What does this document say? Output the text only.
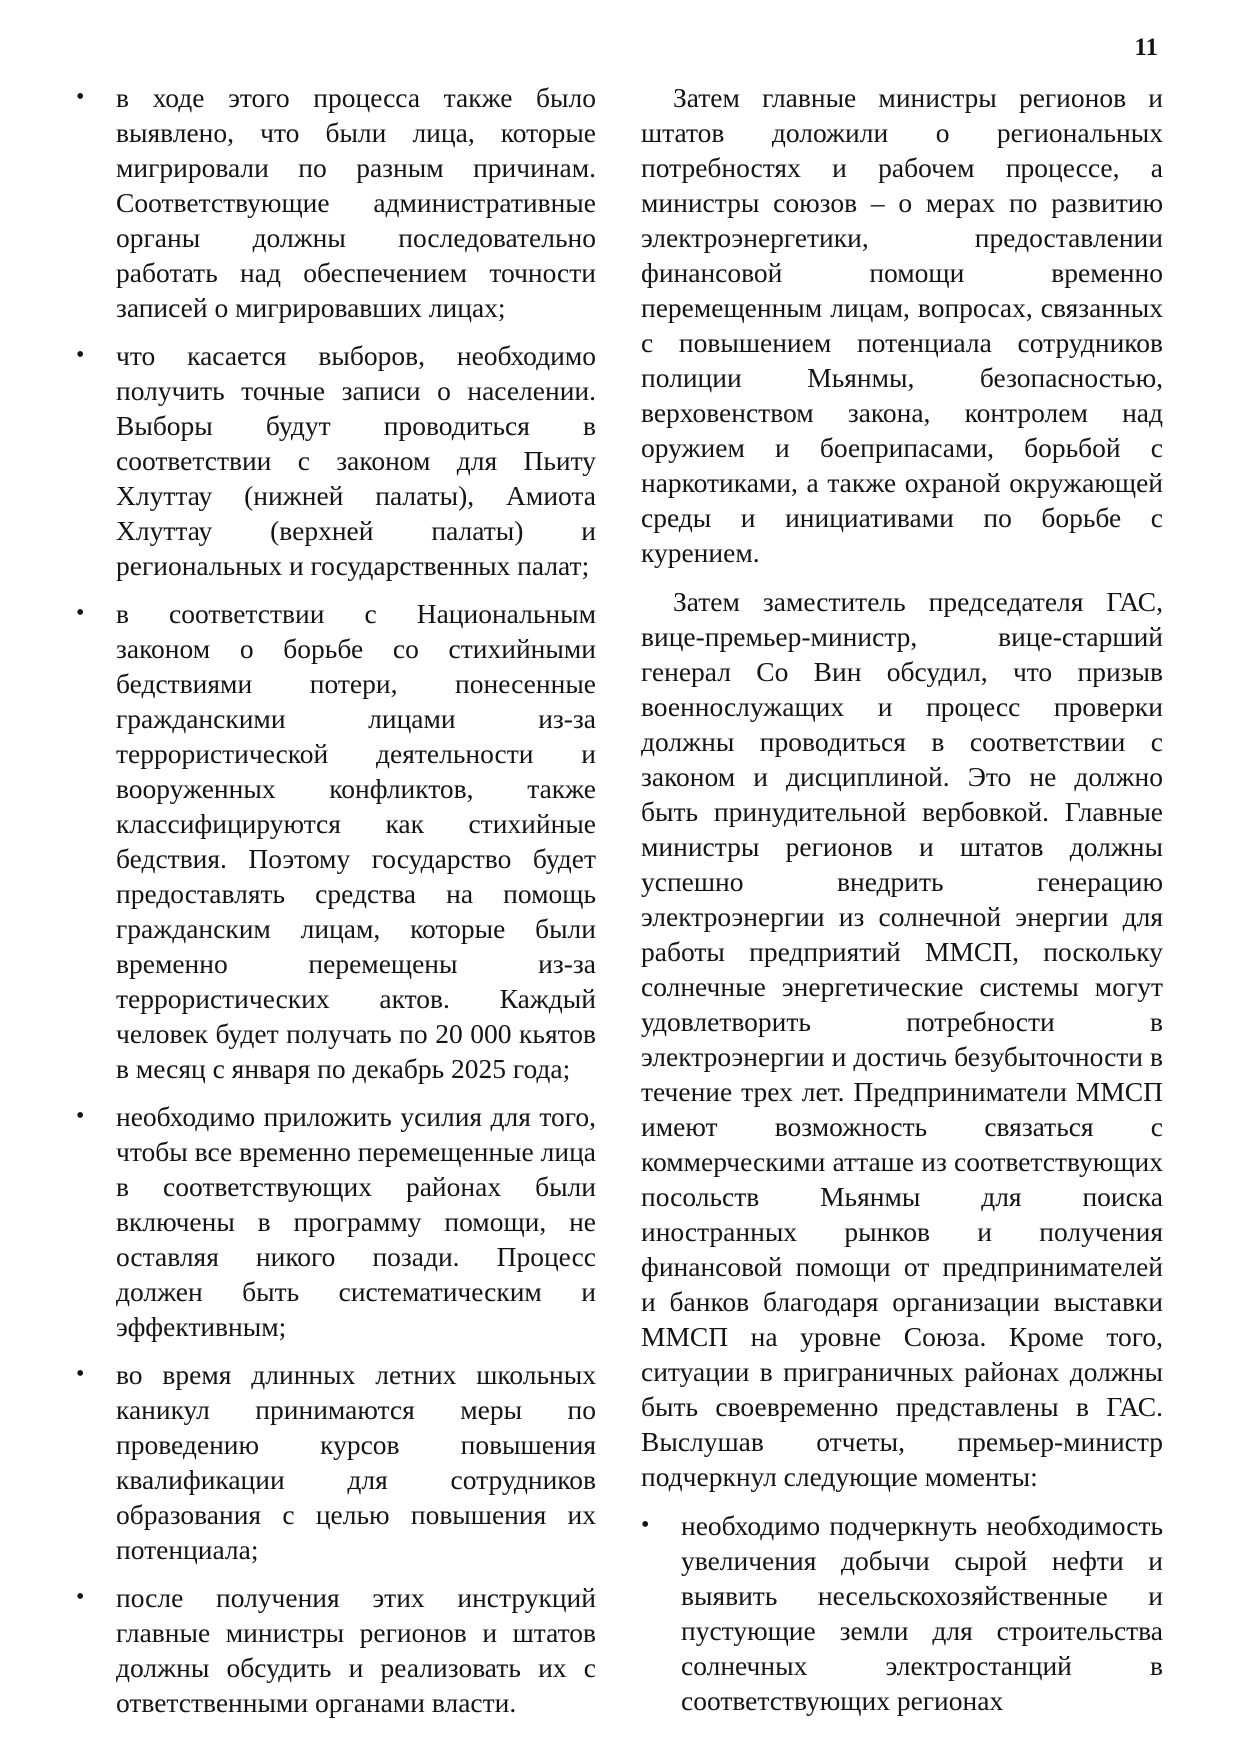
11
• в ходе этого процесса также было выявлено, что были лица, которые мигрировали по разным причинам. Соответствующие административные органы должны последовательно работать над обеспечением точности записей о мигрировавших лицах;
• что касается выборов, необходимо получить точные записи о населении. Выборы будут проводиться в соответствии с законом для Пьиту Хлуттау (нижней палаты), Амиота Хлуттау (верхней палаты) и региональных и государственных палат;
• в соответствии с Национальным законом о борьбе со стихийными бедствиями потери, понесенные гражданскими лицами из-за террористической деятельности и вооруженных конфликтов, также классифицируются как стихийные бедствия. Поэтому государство будет предоставлять средства на помощь гражданским лицам, которые были временно перемещены из-за террористических актов. Каждый человек будет получать по 20 000 кьятов в месяц с января по декабрь 2025 года;
• необходимо приложить усилия для того, чтобы все временно перемещенные лица в соответствующих районах были включены в программу помощи, не оставляя никого позади. Процесс должен быть систематическим и эффективным;
• во время длинных летних школьных каникул принимаются меры по проведению курсов повышения квалификации для сотрудников образования с целью повышения их потенциала;
• после получения этих инструкций главные министры регионов и штатов должны обсудить и реализовать их с ответственными органами власти.

Затем главные министры регионов и штатов доложили о региональных потребностях и рабочем процессе, а министры союзов – о мерах по развитию электроэнергетики, предоставлении финансовой помощи временно перемещенным лицам, вопросах, связанных с повышением потенциала сотрудников полиции Мьянмы, безопасностью, верховенством закона, контролем над оружием и боеприпасами, борьбой с наркотиками, а также охраной окружающей среды и инициативами по борьбе с курением.

Затем заместитель председателя ГАС, вице-премьер-министр, вице-старший генерал Со Вин обсудил, что призыв военнослужащих и процесс проверки должны проводиться в соответствии с законом и дисциплиной. Это не должно быть принудительной вербовкой. Главные министры регионов и штатов должны успешно внедрить генерацию электроэнергии из солнечной энергии для работы предприятий ММСП, поскольку солнечные энергетические системы могут удовлетворить потребности в электроэнергии и достичь безубыточности в течение трех лет. Предприниматели ММСП имеют возможность связаться с коммерческими атташе из соответствующих посольств Мьянмы для поиска иностранных рынков и получения финансовой помощи от предпринимателей и банков благодаря организации выставки ММСП на уровне Союза. Кроме того, ситуации в приграничных районах должны быть своевременно представлены в ГАС. Выслушав отчеты, премьер-министр подчеркнул следующие моменты:

• необходимо подчеркнуть необходимость увеличения добычи сырой нефти и выявить несельскохозяйственные и пустующие земли для строительства солнечных электростанций в соответствующих регионах
